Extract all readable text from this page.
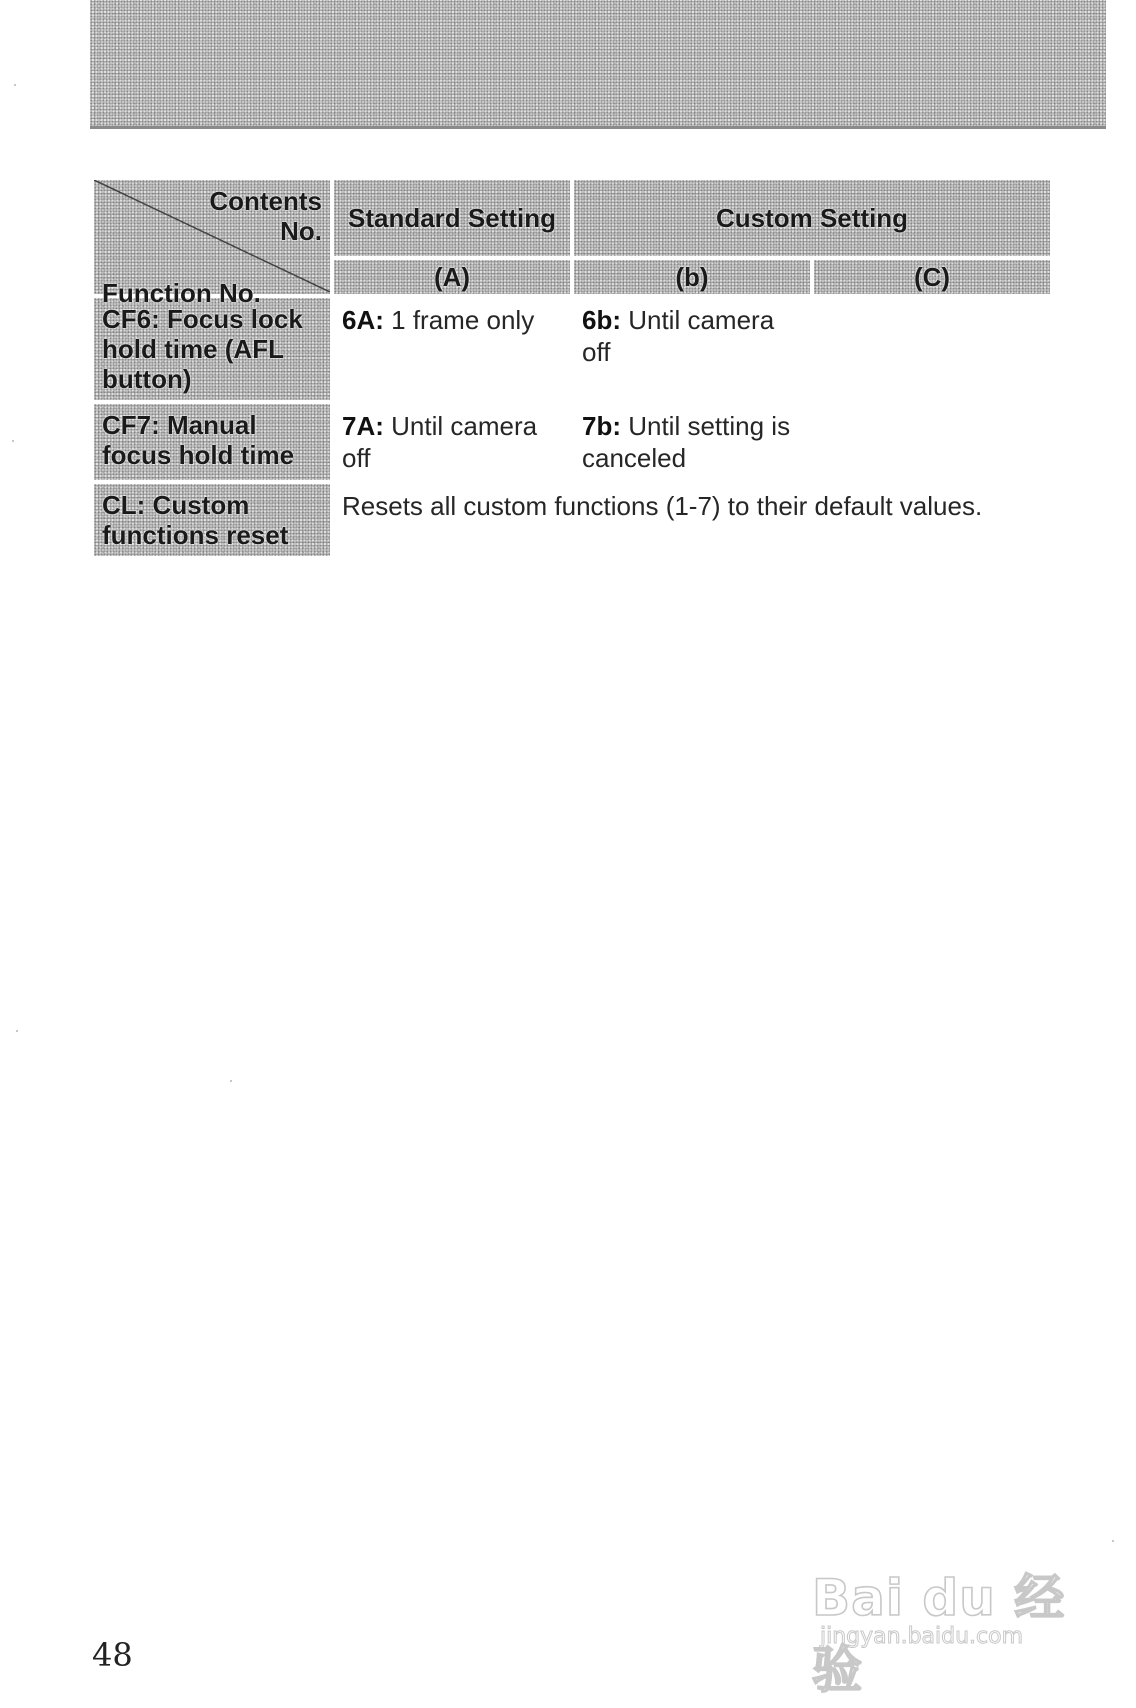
Contents
No.
Function No.	Standard Setting	Custom Setting	
	(A)	(b)	(C)
CF6: Focus lock hold time (AFL button)	6A: 1 frame only	6b: Until camera off	
CF7: Manual focus hold time	7A: Until camera off	7b: Until setting is canceled	
CL: Custom functions reset	Resets all custom functions (1-7) to their default values.		
48
Bai du 经验
jingyan.baidu.com
